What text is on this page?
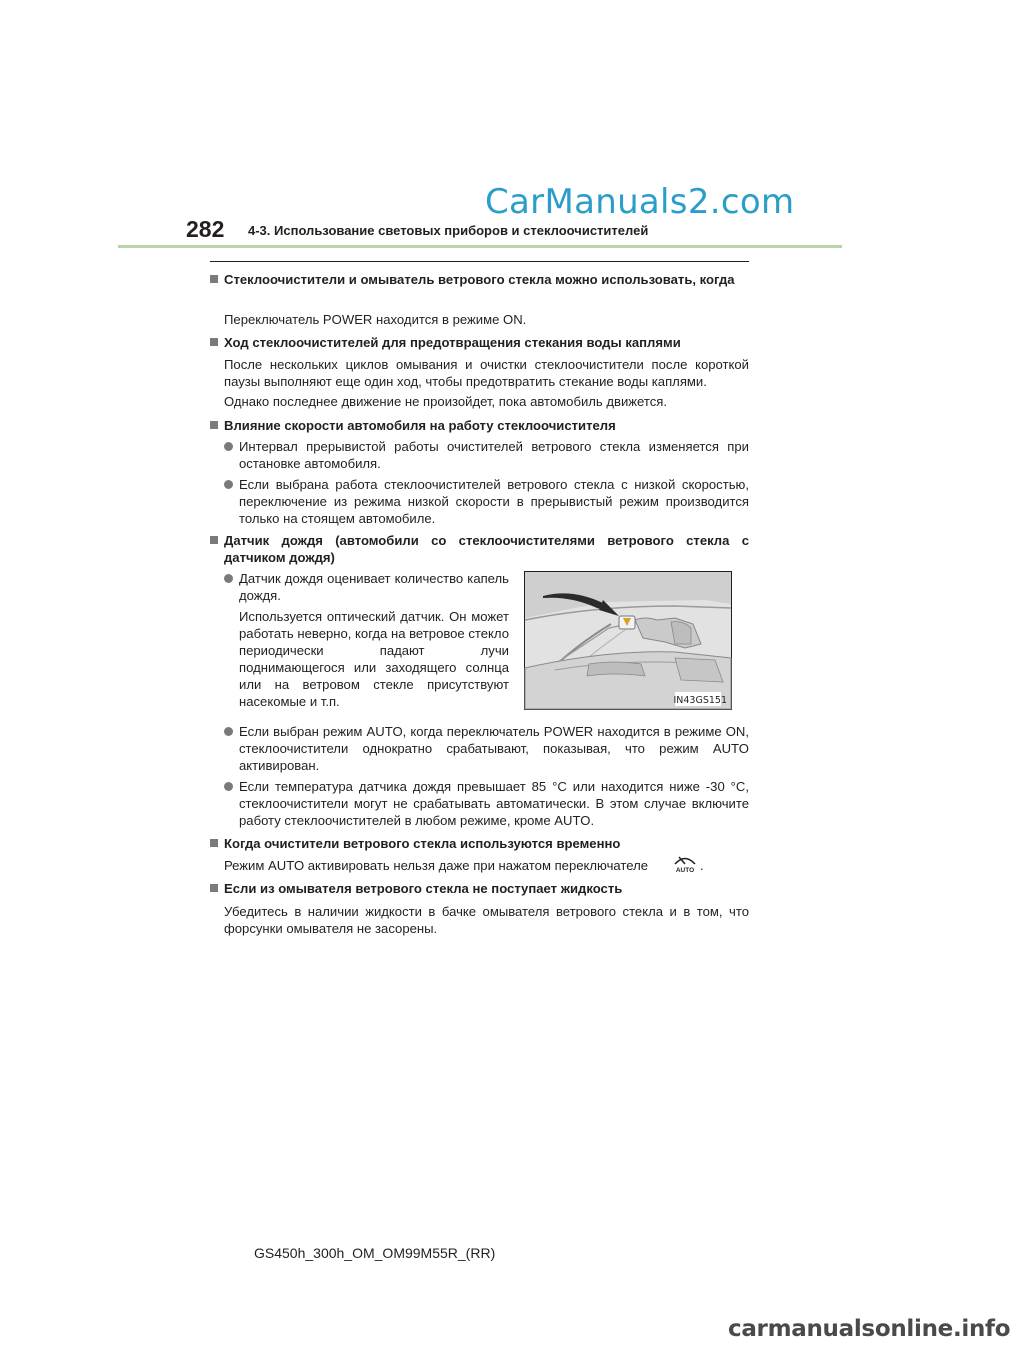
CarManuals2.com
282 4-3. Использование световых приборов и стеклоочистителей
Стеклоочистители и омыватель ветрового стекла можно использовать, когда
Переключатель POWER находится в режиме ON.
Ход стеклоочистителей для предотвращения стекания воды каплями
После нескольких циклов омывания и очистки стеклоочистители после короткой паузы выполняют еще один ход, чтобы предотвратить стекание воды каплями.
Однако последнее движение не произойдет, пока автомобиль движется.
Влияние скорости автомобиля на работу стеклоочистителя
Интервал прерывистой работы очистителей ветрового стекла изменяется при остановке автомобиля.
Если выбрана работа стеклоочистителей ветрового стекла с низкой скоростью, переключение из режима низкой скорости в прерывистый режим производится только на стоящем автомобиле.
Датчик дождя (автомобили со стеклоочистителями ветрового стекла с датчиком дождя)
Датчик дождя оценивает количество капель дождя.
Используется оптический датчик. Он может работать неверно, когда на ветровое стекло периодически падают лучи поднимающегося или заходящего солнца или на ветровом стекле присутствуют насекомые и т.п.	IN43GS151
Если выбран режим AUTO, когда переключатель POWER находится в режиме ON, стеклоочистители однократно срабатывают, показывая, что режим AUTO активирован.
Если температура датчика дождя превышает 85 °C или находится ниже -30 °C, стеклоочистители могут не срабатывать автоматически. В этом случае включите работу стеклоочистителей в любом режиме, кроме AUTO.
Когда очистители ветрового стекла используются временно
Режим AUTO активировать нельзя даже при нажатом переключателе	AUTO .
Если из омывателя ветрового стекла не поступает жидкость
Убедитесь в наличии жидкости в бачке омывателя ветрового стекла и в том, что форсунки омывателя не засорены.
GS450h_300h_OM_OM99M55R_(RR)
carmanualsonline.info
